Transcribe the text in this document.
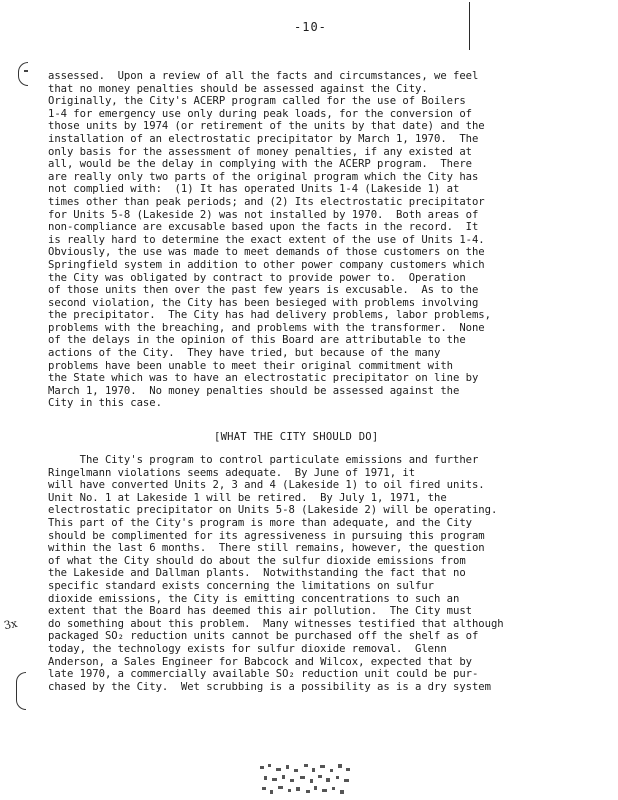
-10-
3x
assessed.  Upon a review of all the facts and circumstances, we feel
that no money penalties should be assessed against the City.
Originally, the City's ACERP program called for the use of Boilers
1-4 for emergency use only during peak loads, for the conversion of
those units by 1974 (or retirement of the units by that date) and the
installation of an electrostatic precipitator by March 1, 1970.  The
only basis for the assessment of money penalties, if any existed at
all, would be the delay in complying with the ACERP program.  There
are really only two parts of the original program which the City has
not complied with:  (1) It has operated Units 1-4 (Lakeside 1) at
times other than peak periods; and (2) Its electrostatic precipitator
for Units 5-8 (Lakeside 2) was not installed by 1970.  Both areas of
non-compliance are excusable based upon the facts in the record.  It
is really hard to determine the exact extent of the use of Units 1-4.
Obviously, the use was made to meet demands of those customers on the
Springfield system in addition to other power company customers which
the City was obligated by contract to provide power to.  Operation
of those units then over the past few years is excusable.  As to the
second violation, the City has been besieged with problems involving
the precipitator.  The City has had delivery problems, labor problems,
problems with the breaching, and problems with the transformer.  None
of the delays in the opinion of this Board are attributable to the
actions of the City.  They have tried, but because of the many
problems have been unable to meet their original commitment with
the State which was to have an electrostatic precipitator on line by
March 1, 1970.  No money penalties should be assessed against the
City in this case.
[WHAT THE CITY SHOULD DO]
The City's program to control particulate emissions and further
Ringelmann violations seems adequate.  By June of 1971, it
will have converted Units 2, 3 and 4 (Lakeside 1) to oil fired units.
Unit No. 1 at Lakeside 1 will be retired.  By July 1, 1971, the
electrostatic precipitator on Units 5-8 (Lakeside 2) will be operating.
This part of the City's program is more than adequate, and the City
should be complimented for its agressiveness in pursuing this program
within the last 6 months.  There still remains, however, the question
of what the City should do about the sulfur dioxide emissions from
the Lakeside and Dallman plants.  Notwithstanding the fact that no
specific standard exists concerning the limitations on sulfur
dioxide emissions, the City is emitting concentrations to such an
extent that the Board has deemed this air pollution.  The City must
do something about this problem.  Many witnesses testified that although
packaged SO₂ reduction units cannot be purchased off the shelf as of
today, the technology exists for sulfur dioxide removal.  Glenn
Anderson, a Sales Engineer for Babcock and Wilcox, expected that by
late 1970, a commercially available SO₂ reduction unit could be pur-
chased by the City.  Wet scrubbing is a possibility as is a dry system
